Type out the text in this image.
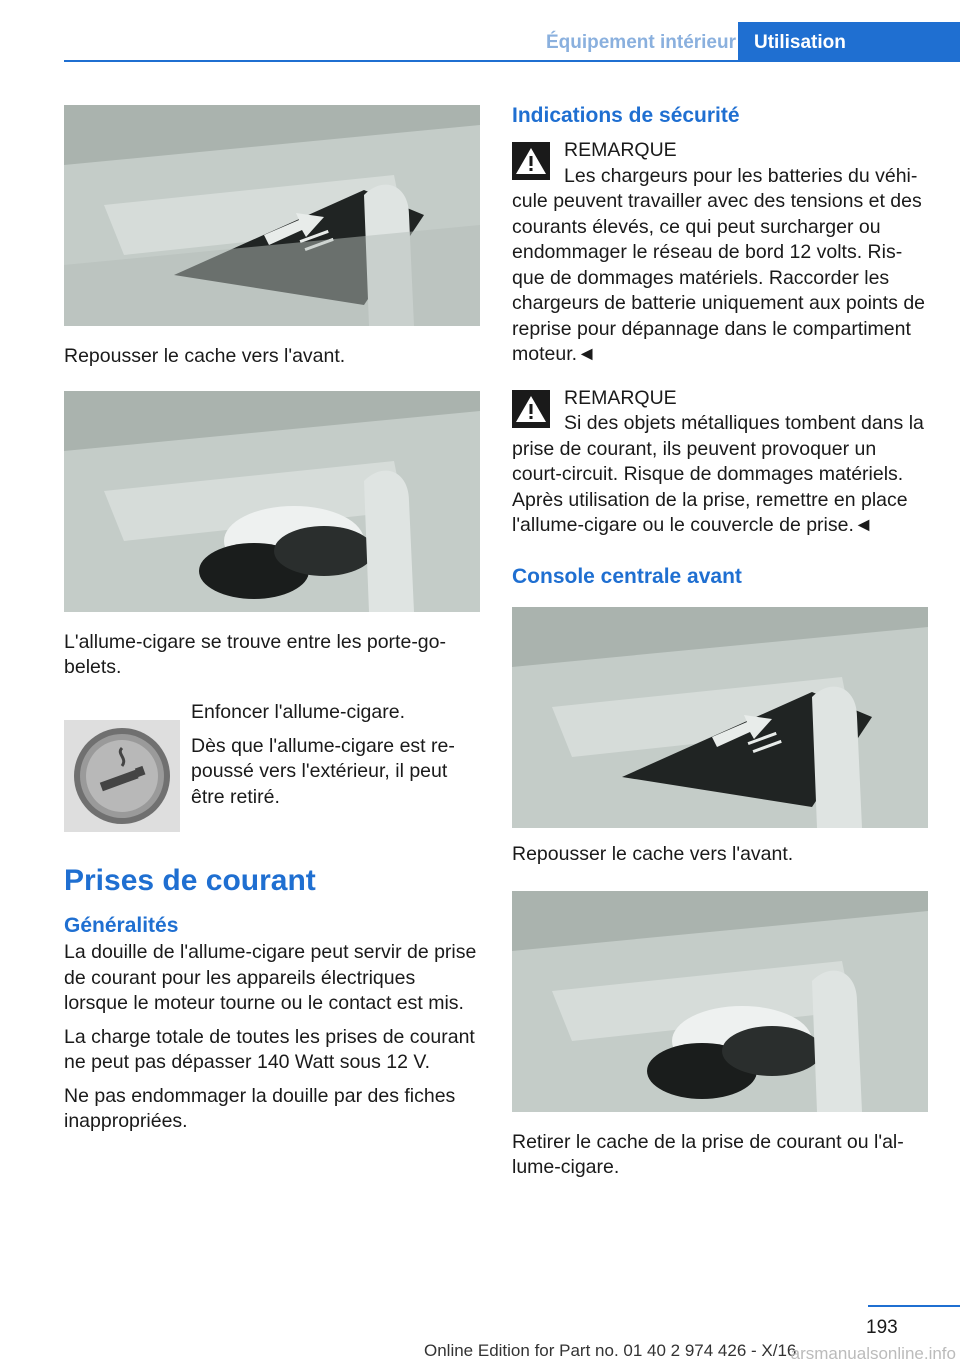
Équipement intérieur Utilisation
Repousser le cache vers l'avant.
L'allume-cigare se trouve entre les porte-gobelets.
Enfoncer l'allume-cigare.
Dès que l'allume-cigare est repoussé vers l'extérieur, il peut être retiré.
Prises de courant
Généralités
La douille de l'allume-cigare peut servir de prise de courant pour les appareils électriques lorsque le moteur tourne ou le contact est mis.
La charge totale de toutes les prises de courant ne peut pas dépasser 140 Watt sous 12 V.
Ne pas endommager la douille par des fiches inappropriées.
Indications de sécurité
REMARQUE
Les chargeurs pour les batteries du véhicule peuvent travailler avec des tensions et des courants élevés, ce qui peut surcharger ou endommager le réseau de bord 12 volts. Risque de dommages matériels. Raccorder les chargeurs de batterie uniquement aux points de reprise pour dépannage dans le compartiment moteur.◄
REMARQUE
Si des objets métalliques tombent dans la prise de courant, ils peuvent provoquer un court-circuit. Risque de dommages matériels. Après utilisation de la prise, remettre en place l'allume-cigare ou le couvercle de prise.◄
Console centrale avant
Repousser le cache vers l'avant.
Retirer le cache de la prise de courant ou l'allume-cigare.
193
Online Edition for Part no. 01 40 2 974 426 - X/16
arsmanualsonline.info
